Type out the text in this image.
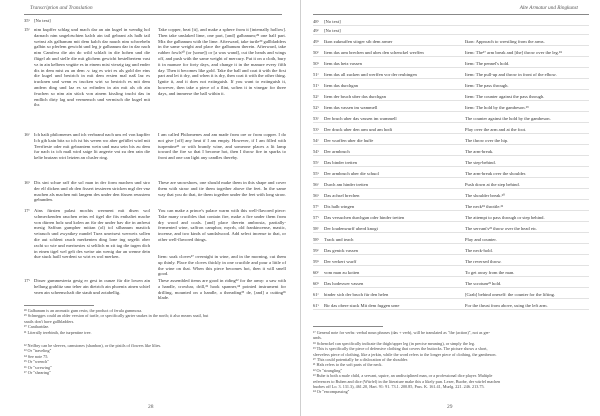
Transcription and Translation
35ᵛ [No text]
15ʳ nim kupffer schlag und mach dar an ain kugel in wendig hol darnach nim ungeloͤschten kalch ain tail gebrant als halb tail weinst als galbanum mit dem kalch dar nauch nim schwebeln galbin so pferlem gewicht und leg jr galbanum dar in dar nach nim Camfera die ain do wild schlaft in die hohen und die flügel ab und stelle die mit glichem gewicht bestelbertem vast vz in ain kelbern vngüte es in einem mist vierzig tag und ender dis in dem mist zu an dem .v. tag es wirt es als gold der eins die kugel und bestrich in mit dem ersten mal naß laz es trucknen und wenn es trucken wirt so bestrich es mit dem andern ding und laz es so erfinden in ain mit als ob ain feuchen so nim ain stück von ainem kissling trucht das in endlich dirty lag und vermensch und vermisch die kugel mit ihr.
Take copper, beat [it], and make a sphere from it [internally hollow]. Then take unslaked lime, one part, [and] galbanum;²⁸ one half part. Mix the galbanum with the lime. Afterward, take turtle²⁹ gallbladders in the same weight and place the galbanum therein. Afterward, take rubber fowls³⁰ (or [some]) or [a wax wand], cut the heads and wings off, and push with the same weight of mercury. Put it on a cloth, bury it in manure for forty days, and change it in the manure every fifth day. Then it becomes like gold. Take the ball and coat it with the first part and let it dry, and when it is dry, then coat it with the other thing. Ignite it, and it does not extinguish. If you want to extinguish it, however, then take a piece of a flint, soften it in vinegar for three days, and immerse the ball within it.
16ʳ Ich hailt philomenes und ich verbrand nach uns erl von kupffer Ich gib kain bitz so ich ist bis weren wo aber gefüllet wird mit Teerfieste oder mit gebrantem wein und mau sein bis zu dem fur nach ix ich maß wird saige lit angerte vnt zu den rain die kelte bratzzn wirt letzten an clusler ring.
I am called Philomenes and am made from ore or from copper. I do not give [off] any heat if I am empty. However, if I am filled with turpentine³¹ or with brandy wine, and someone places a lit lamp toward the fire so that I become hot, then I throw fire in sparks to front and one can light any candles thereby.
16ᵛ Dis sint schue raff die sol man in der form machen und stro der elf dicken und ob den fissert tessieren stricken mgl der vnz machen als machen mit langem des under den füssen reusstem gebunden.
These are snowshoes, one should make them in this shape and cover them with straw and tie them together above the feet. In the same way that you do that, tie them together under the feet with long straw.
17ʳ Ains fürsten palast mochts werment mit disen wol schmeckenden rauchen reins erl tigel die fits enthaltet mache von dürren holz und kolen an für der under bav die in anfreut mesig Saffran gumpher mittan (ol) tol silbanum mastick veirauch und zwyatkey nundel Tuez umvtsest werweis sollen die aut schlent rauch merkenten ding lone ing segelit ober racht so wie und merisestes si seltlich m zit tag die tugen dich in einen tigel wel gelt des weise ain wenig dar an wenne dein due stuck haill werdent so wirt es wol merken.
You can make a prince's palace warm with this well-flavored piece: Take many crucibles that contain fire, make a fire under them from dry wood and coals. [and] place therein ambrosia, partially-fermented wine, saffron camphor, myrrh, old frankincense, mastic, incense, and two kinds of sandalwood. Add select incense to that, or other well-flavored things.
Item: soak cloves³⁷ overnight in wine, and in the morning, cut them up thinly. Place the cloves thickly in one crucible and pour a little of the wine on that. When this piece becomes hot, then it will smell good.
17ᵛ Disser gummesteria gesig er gest in ounze für die lowen ain hellung grablitz uno teher ain dietrich ain phoenix ainen schiel vnen ain scheenschaft die staub und zotabellig.
These assembled items are good in riding³² for the army: a saw with a handle, crowbar, drill,³³ hook spanner,³⁴ pointed instrument for drilling, mounted on a handle, a threading³⁵ de, [and] a cutting³⁶ blade.
²⁸ Galbanum is an aromatic gum resin, the product of ferula gummosa.
²⁹ Schnegges could an older version of turtle, or specifically garter snakes in the north; it also means snail, but
snails don't have gallbladders.
³⁰ Cantharidae.
³¹ Literally terebinth, the turpentine tree.
³² Neilbry can be sleeves, camstones (shanbon), or the pistils of flowers like lilies.
³³ Or "traveling"
³⁴ See note 75.
³⁵ Or "wrench"
³⁶ Or "screwing"
³⁷ Or "shearing"
28
Alte Armatur und Ringkunst
48ᵛ [No text]
49ʳ [No text]
49ᵛ Ikon zuknuffen stirger sib dem armer	Ikon: Approach to wrestling from the arms.
50ʳ Item das arm brechen und ubes den schenckel werffen	Item: The¹⁷ arm break and [the] throw over the leg.¹⁸
50ᵛ Item das hetz vassen	Item: The pennel's hold.
51ʳ Item das all zucken und werffen vor der reubingen	Item: The pull-up and throw in front of the elbow.
51ᵛ Item das durchgan	Item: The pass through.
52ʳ Item der bruch uber das durchgan	Item: The counter against the pass through.
52ᵛ Item das vassen im wammell	Item: The hold by the gambeson.¹⁹
53ʳ Der bruch uber das vassen im wammell	The counter against the hold by the gambeson.
53ᵛ Der druck uber den arm und am hodi	Play over the arm and at the foot.
54ʳ Der wurffen uber die huffe	The throw over the hip.
54ᵛ Der armbruch	The arm-break.
55ʳ Das binder tretten	The step-behind.
55ᵛ Der armbruch uber die schuol	The arm-break over the shoulder.
56ʳ Durch am hinder tretten	Push down at the step behind.
56ᵛ Das achsel brechen	The shoulder break.²⁰
57ʳ Dis halb wingen	The neck¹⁸ throttle.²¹
57ᵛ Das versuchen durchgan oder hinder tretten	The attempt to pass through or step behind.
58ʳ Der loudenwurff uberd knogt	The servant's²² throw over the head etc.
58ᵛ Track und teach	Play and counter.
59ʳ Das genick vassen	The neck-hold.
59ᵛ Der verkert wurff	The reversed throw.
60ʳ vom man zu kotten	To get away from the man.
60ᵛ Das hodeswer vassen	The scrotum²³ hold.
61ʳ binder sich der bruch für den helen	[Grab] behind oneself: the counter for the lifting.
61ᵛ Bir das obere stuck Mit dem fuggen urne	For the thrust from above, using the left arm.
¹⁷ General note for verbs: verbal noun phrases (das + verb), will be translated as "the (action)", not as ger-
unds.
¹⁸ Schenckel can specifically indicate the thigh/upper leg (in precise meaning), or simply the leg.
¹⁹ This is specifically the piece of defensive clothing that covers the buttocks. The picture shows a short,
sleeveless piece of clothing, like a jerkin, while the word refers to the longer piece of clothing, the gambeson.
²⁰ This could potentially be a dislocation of the shoulder.
²¹ Hals refers to the soft parts of the neck.
²² Or "strangling"
²³ Bube is both a male child, a servant, squire, an undisciplined man, or a professional dice player. Multiple
references to Buben and dice (Würfel) in the literature make this a likely pun. Lexer, Buobe, der würfel machen
buobes off Lo. 3. 131.3), 461.20, Hart. 91: 91. 73.1. 200.85, Pass. K. 161.41, Murlg. 221. 246. 213.75.
²⁴ Or "encompassing"
29
